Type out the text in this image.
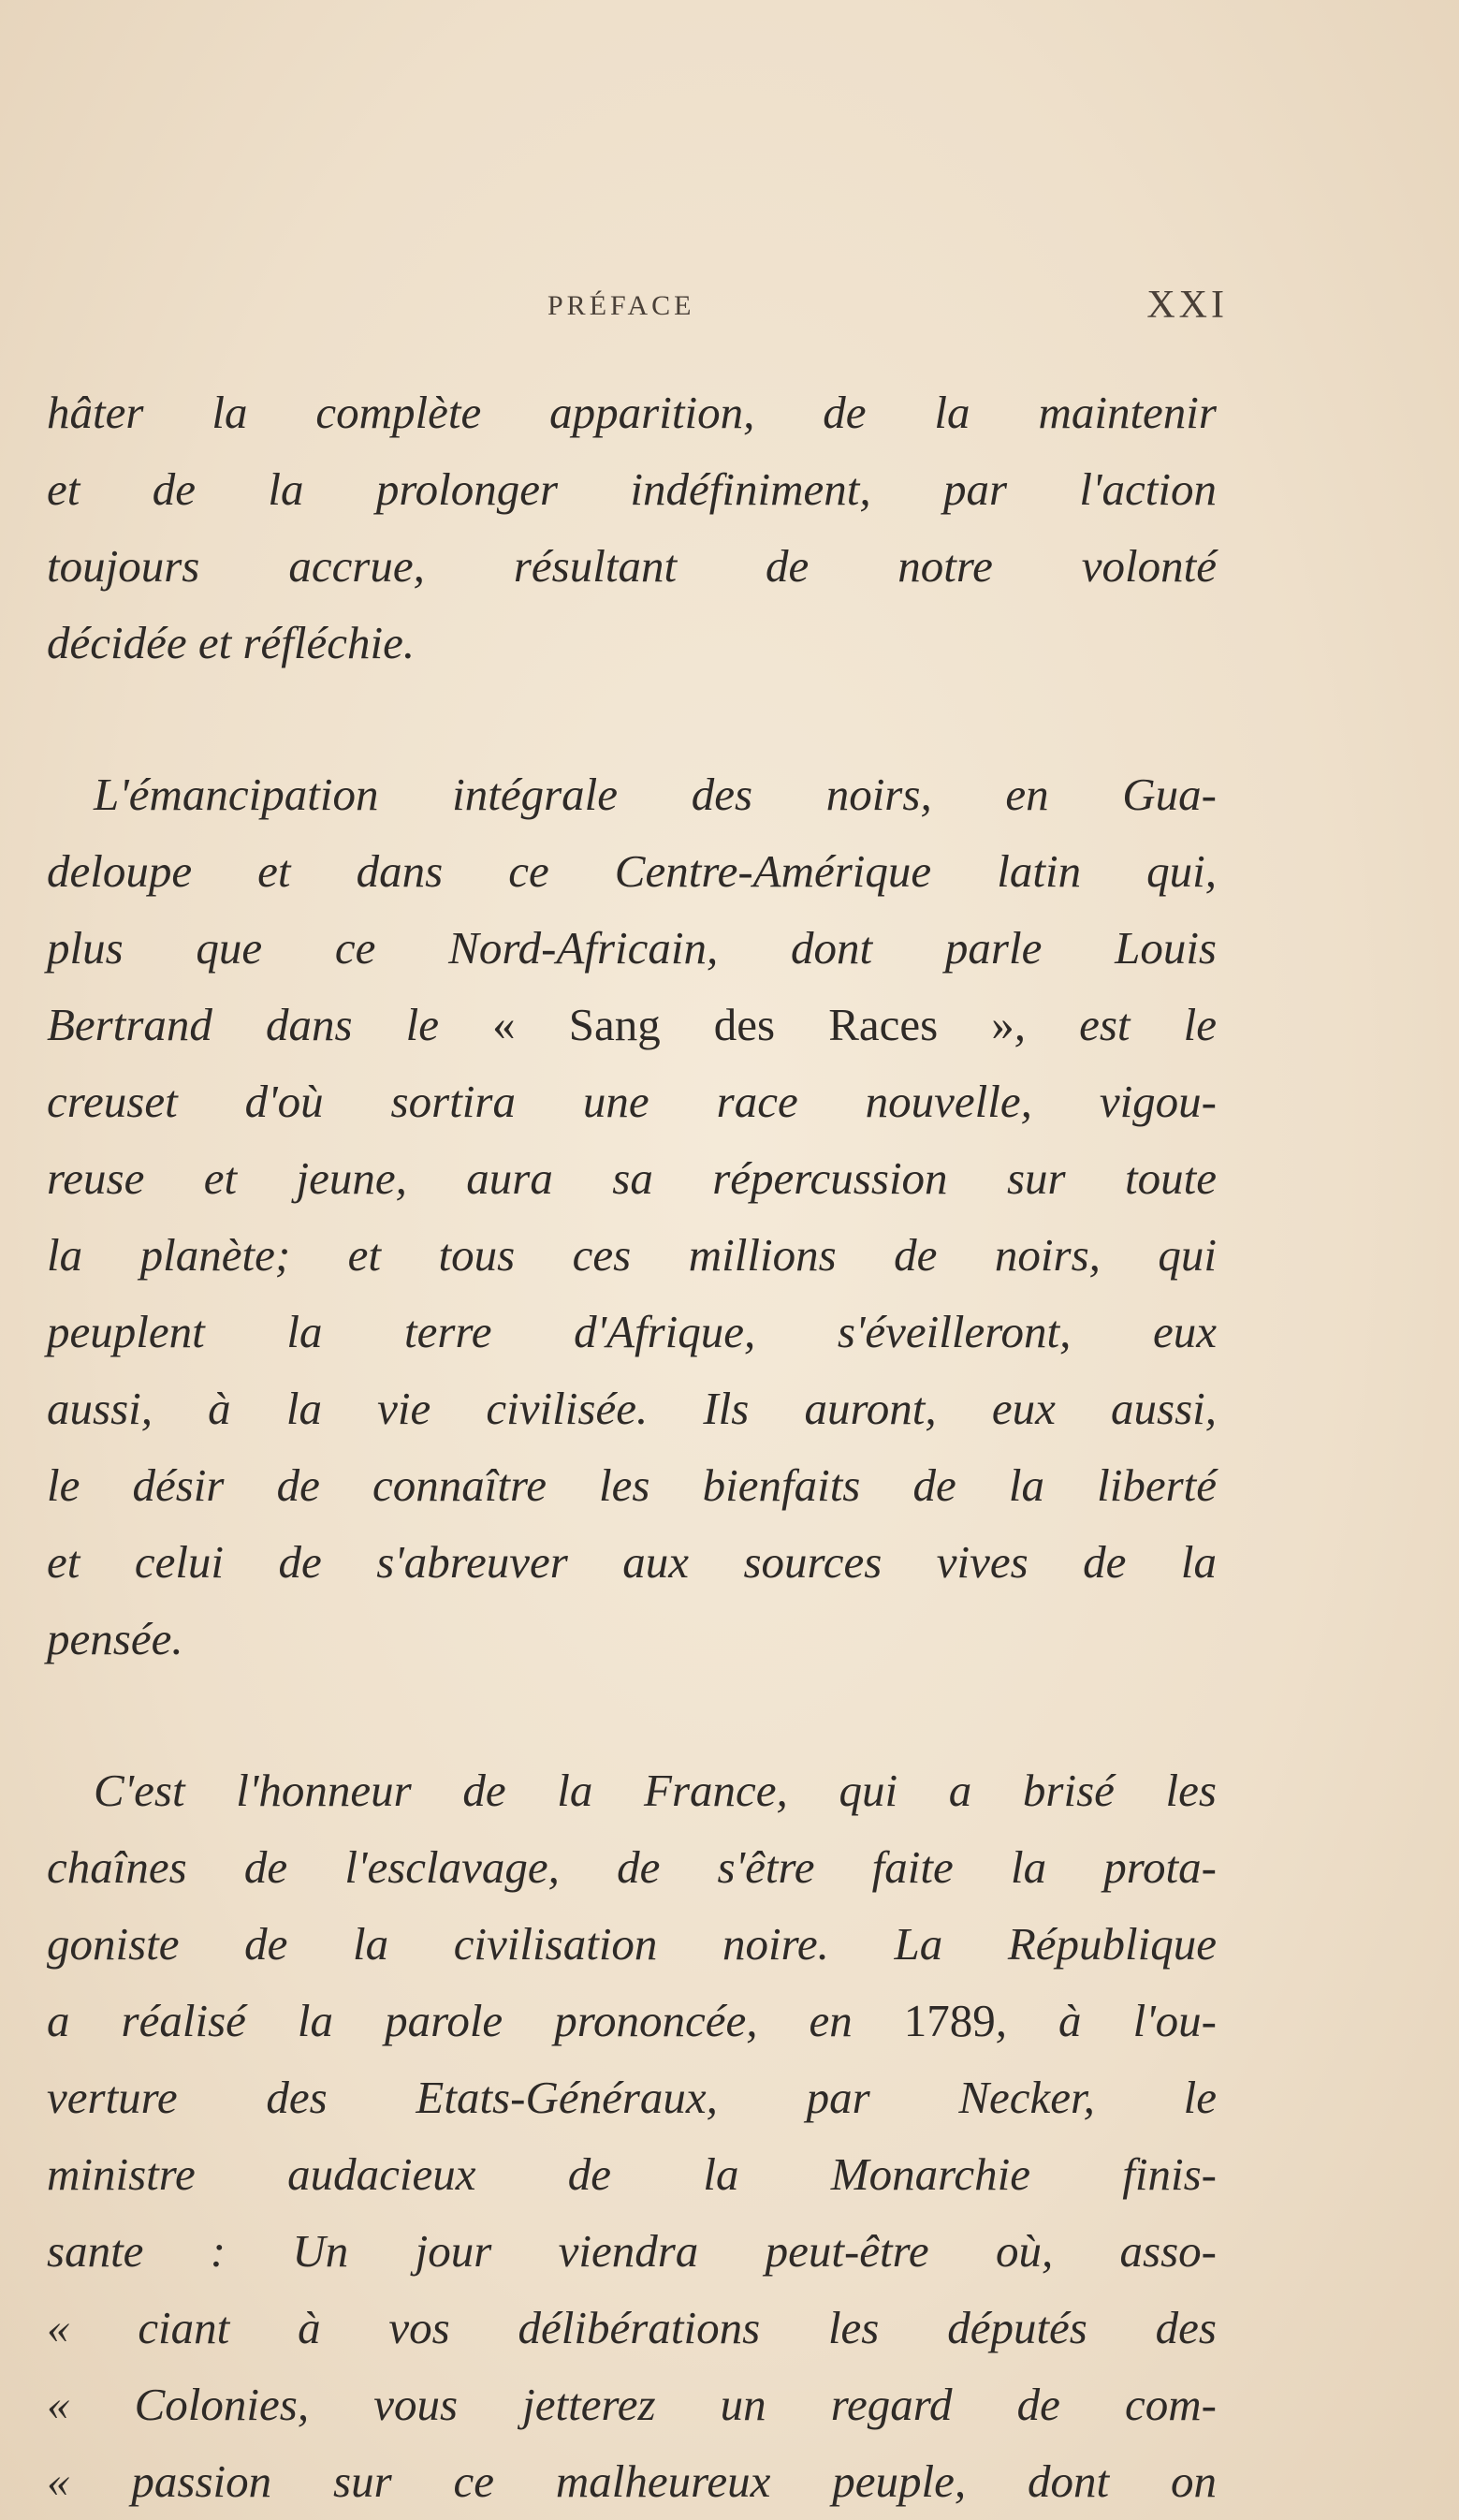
PRÉFACE	XXI
hâter la complète apparition, de la maintenir
et de la prolonger indéfiniment, par l'action
toujours accrue, résultant de notre volonté
décidée et réfléchie.
L'émancipation intégrale des noirs, en Gua-
deloupe et dans ce Centre-Amérique latin qui,
plus que ce Nord-Africain, dont parle Louis
Bertrand dans le « Sang des Races », est le
creuset d'où sortira une race nouvelle, vigou-
reuse et jeune, aura sa répercussion sur toute
la planète; et tous ces millions de noirs, qui
peuplent la terre d'Afrique, s'éveilleront, eux
aussi, à la vie civilisée. Ils auront, eux aussi,
le désir de connaître les bienfaits de la liberté
et celui de s'abreuver aux sources vives de la
pensée.
C'est l'honneur de la France, qui a brisé les
chaînes de l'esclavage, de s'être faite la prota-
goniste de la civilisation noire. La République
a réalisé la parole prononcée, en 1789, à l'ou-
verture des Etats-Généraux, par Necker, le
ministre audacieux de la Monarchie finis-
sante : Un jour viendra peut-être où, asso-
« ciant à vos délibérations les députés des
« Colonies, vous jetterez un regard de com-
« passion sur ce malheureux peuple, dont on
